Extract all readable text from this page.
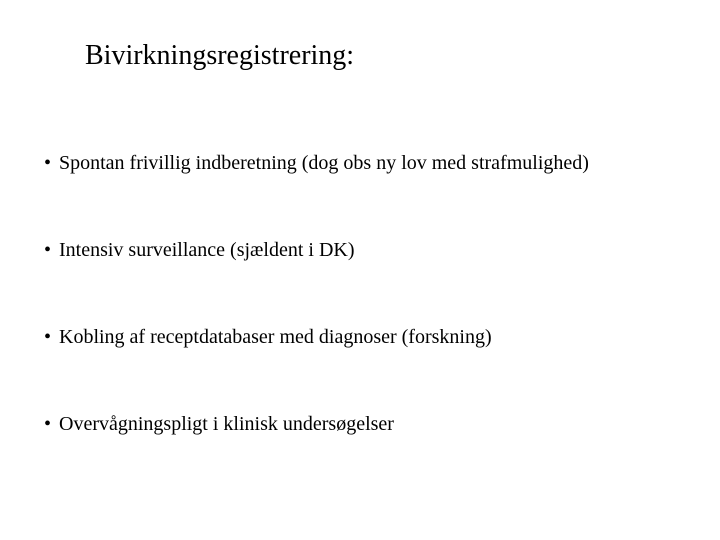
Bivirkningsregistrering:
• Spontan frivillig indberetning (dog obs ny lov med strafmulighed)
• Intensiv surveillance (sjældent i DK)
• Kobling af receptdatabaser med diagnoser (forskning)
• Overvågningspligt i klinisk undersøgelser
